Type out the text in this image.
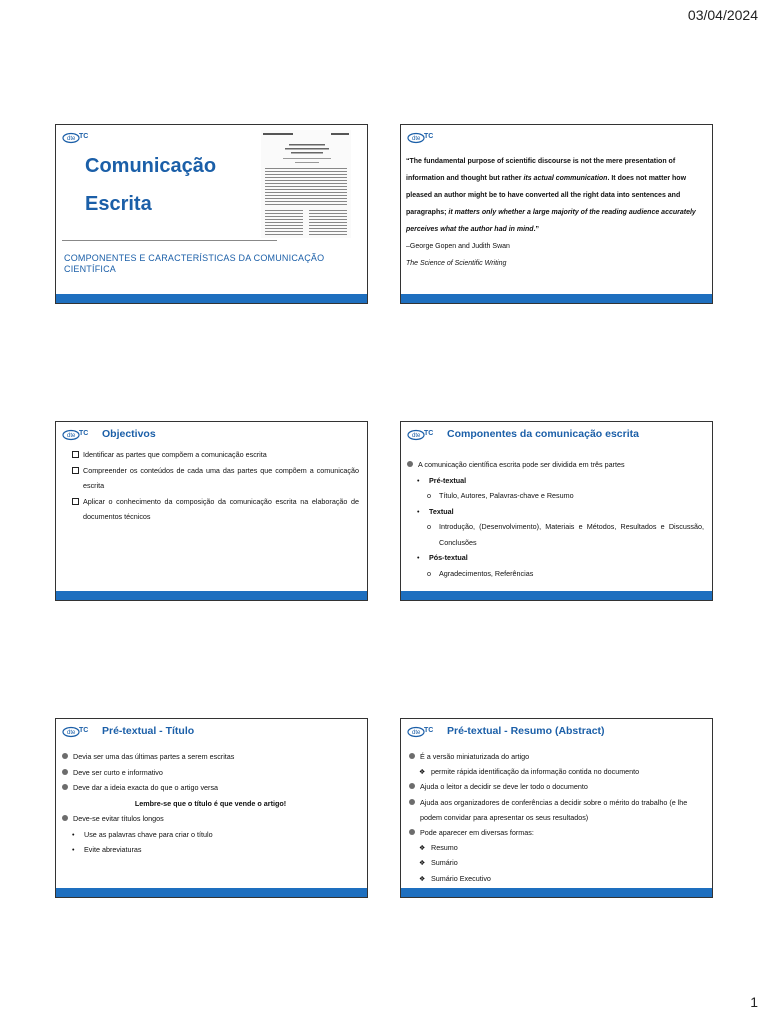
03/04/2024
dte TC
Comunicação
Escrita
COMPONENTES E CARACTERÍSTICAS DA COMUNICAÇÃO CIENTÍFICA
dte TC
“The fundamental purpose of scientific discourse is not the mere presentation of information and thought but rather its actual communication. It does not matter how pleased an author might be to have converted all the right data into sentences and paragraphs; it matters only whether a large majority of the reading audience accurately perceives what the author had in mind.”
–George Gopen and Judith Swan
The Science of Scientific Writing
dte TC Objectivos
Identificar as partes que compõem a comunicação escrita
Compreender os conteúdos de cada uma das partes que compõem a comunicação escrita
Aplicar o conhecimento da composição da comunicação escrita na elaboração de documentos técnicos
dte TC Componentes da comunicação escrita
A comunicação científica escrita pode ser dividida em três partes
• Pré-textual
o Título, Autores, Palavras-chave e Resumo
• Textual
o Introdução, (Desenvolvimento), Materiais e Métodos, Resultados e Discussão, Conclusões
• Pós-textual
o Agradecimentos, Referências
dte TC Pré-textual - Título
Devia ser uma das últimas partes a serem escritas
Deve ser curto e informativo
Deve dar a ideia exacta do que o artigo versa
Lembre-se que o título é que vende o artigo!
Deve-se evitar títulos longos
• Use as palavras chave para criar o título
• Evite abreviaturas
dte TC Pré-textual - Resumo (Abstract)
É a versão miniaturizada do artigo
❖ permite rápida identificação da informação contida no documento
Ajuda o leitor a decidir se deve ler todo o documento
Ajuda aos organizadores de conferências a decidir sobre o mérito do trabalho (e lhe podem convidar para apresentar os seus resultados)
Pode aparecer em diversas formas:
❖ Resumo
❖ Sumário
❖ Sumário Executivo
1
